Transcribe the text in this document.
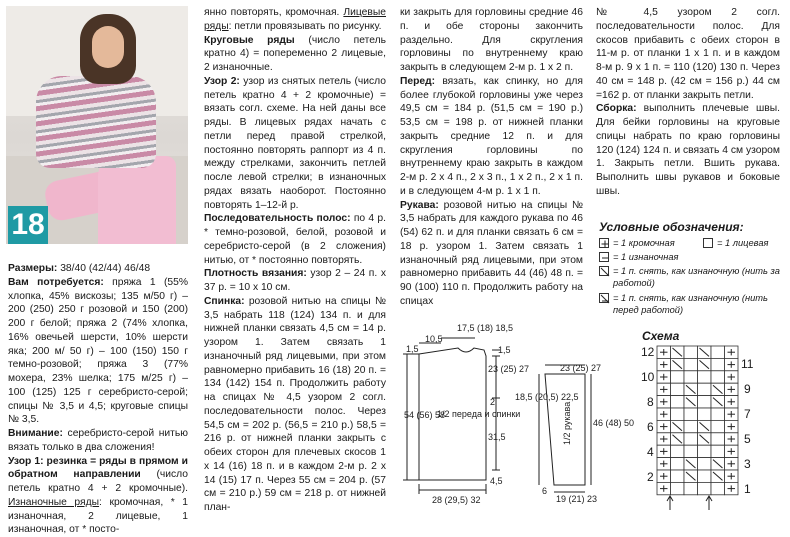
18

Размеры: 38/40 (42/44) 46/48

Вам потребуется: пряжа 1 (55% хлопка, 45% вискозы; 135 м/50 г) – 200 (250) 250 г розовой и 150 (200) 200 г белой; пряжа 2 (74% хлопка, 16% овечьей шерсти, 10% шерсти яка; 200 м/ 50 г) – 100 (150) 150 г темно-розовой; пряжа 3 (77% мохера, 23% шелка; 175 м/25 г) – 100 (125) 125 г серебристо-серой; спицы № 3,5 и 4,5; круговые спицы № 3,5.

Внимание: серебристо-серой нитью вязать только в два сложения!

Узор 1: резинка = ряды в прямом и обратном направлении (число петель кратно 4 + 2 кромочные). Изнаночные ряды: кромочная, * 1 изнаночная, 2 лицевые, 1 изнаночная, от * посто-

янно повторять, кромочная. Лицевые ряды: петли провязывать по рисунку.

Круговые ряды (число петель кратно 4) = попеременно 2 лицевые, 2 изнаночные.

Узор 2: узор из снятых петель (число петель кратно 4 + 2 кромочные) = вязать согл. схеме. На ней даны все ряды. В лицевых рядах начать с петли перед правой стрелкой, постоянно повторять раппорт из 4 п. между стрелками, закончить петлей после левой стрелки; в изнаночных рядах вязать наоборот. Постоянно повторять 1–12-й р.

Последовательность полос: по 4 р. * темно-розовой, белой, розовой и серебристо-серой (в 2 сложения) нитью, от * постоянно повторять.

Плотность вязания: узор 2 – 24 п. x 37 р. = 10 x 10 см.

Спинка: розовой нитью на спицы № 3,5 набрать 118 (124) 134 п. и для нижней планки связать 4,5 см = 14 р. узором 1. Затем связать 1 изнаночный ряд лицевыми, при этом равномерно прибавить 16 (18) 20 п. = 134 (142) 154 п. Продолжить работу на спицах № 4,5 узором 2 согл. последовательности полос. Через 54,5 см = 202 р. (56,5 = 210 р.) 58,5 = 216 р. от нижней планки закрыть с обеих сторон для плечевых скосов 1 x 14 (16) 18 п. и в каждом 2-м р. 2 x 14 (15) 17 п. Через 55 см = 204 р. (57 см = 210 р.) 59 см = 218 р. от нижней план-

ки закрыть для горловины средние 46 п. и обе стороны закончить раздельно. Для скругления горловины по внутреннему краю закрыть в следующем 2-м р. 1 x 2 п.

Перед: вязать, как спинку, но для более глубокой горловины уже через 49,5 см = 184 р. (51,5 см = 190 р.) 53,5 см = 198 р. от нижней планки закрыть средние 12 п. и для скругления горловины по внутреннему краю закрыть в каждом 2-м р. 2 x 4 п., 2 x 3 п., 1 x 2 п., 2 x 1 п. и в следующем 4-м р. 1 x 1 п.

Рукава: розовой нитью на спицы № 3,5 набрать для каждого рукава по 46 (54) 62 п. и для планки связать 6 см = 18 р. узором 1. Затем связать 1 изнаночный ряд лицевыми, при этом равномерно прибавить 44 (46) 48 п. = 90 (100) 110 п. Продолжить работу на спицах

№ 4,5 узором 2 согл. последовательности полос. Для скосов прибавить с обеих сторон в 11-м р. от планки 1 x 1 п. и в каждом 8-м р. 9 x 1 п. = 110 (120) 130 п. Через 40 см = 148 р. (42 см = 156 р.) 44 см =162 р. от планки закрыть петли.

Сборка: выполнить плечевые швы. Для бейки горловины на круговые спицы набрать по краю горловины 120 (124) 124 п. и связать 4 см узором 1. Закрыть петли. Вшить рукава. Выполнить швы рукавов и боковые швы.

Условные обозначения:
= 1 кромочная	= 1 лицевая
= 1 изнаночная
= 1 п. снять, как изнаночную (нить за работой)
= 1 п. снять, как изнаночную (нить перед работой)
Схема
12
10
8
6
4
2
11
9
7
5
3
1
10,5
17,5 (18) 18,5
1,5
1,5
23 (25) 27
2
31,5
54 (56) 58
28 (29,5) 32
4,5
1/2 переда и спинки
23 (25) 27
18,5 (20,5) 22,5
46 (48) 50
19 (21) 23
6
1/2 рукава
